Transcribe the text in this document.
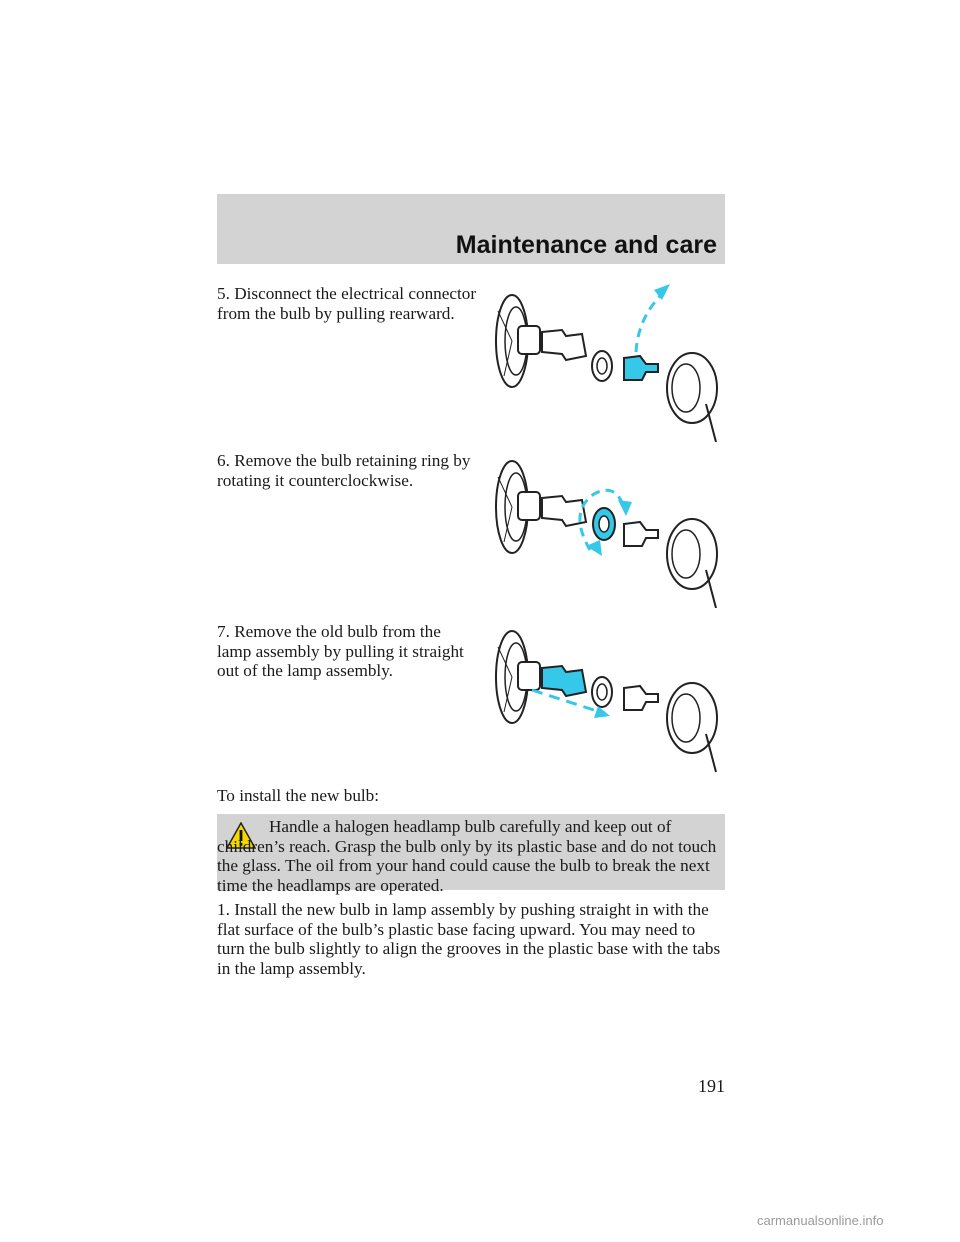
Maintenance and care

5. Disconnect the electrical connector from the bulb by pulling rearward.

6. Remove the bulb retaining ring by rotating it counterclockwise.

7. Remove the old bulb from the lamp assembly by pulling it straight out of the lamp assembly.

To install the new bulb:

Handle a halogen headlamp bulb carefully and keep out of children’s reach. Grasp the bulb only by its plastic base and do not touch the glass. The oil from your hand could cause the bulb to break the next time the headlamps are operated.

1. Install the new bulb in lamp assembly by pushing straight in with the flat surface of the bulb’s plastic base facing upward. You may need to turn the bulb slightly to align the grooves in the plastic base with the tabs in the lamp assembly.

191
carmanualsonline.info
